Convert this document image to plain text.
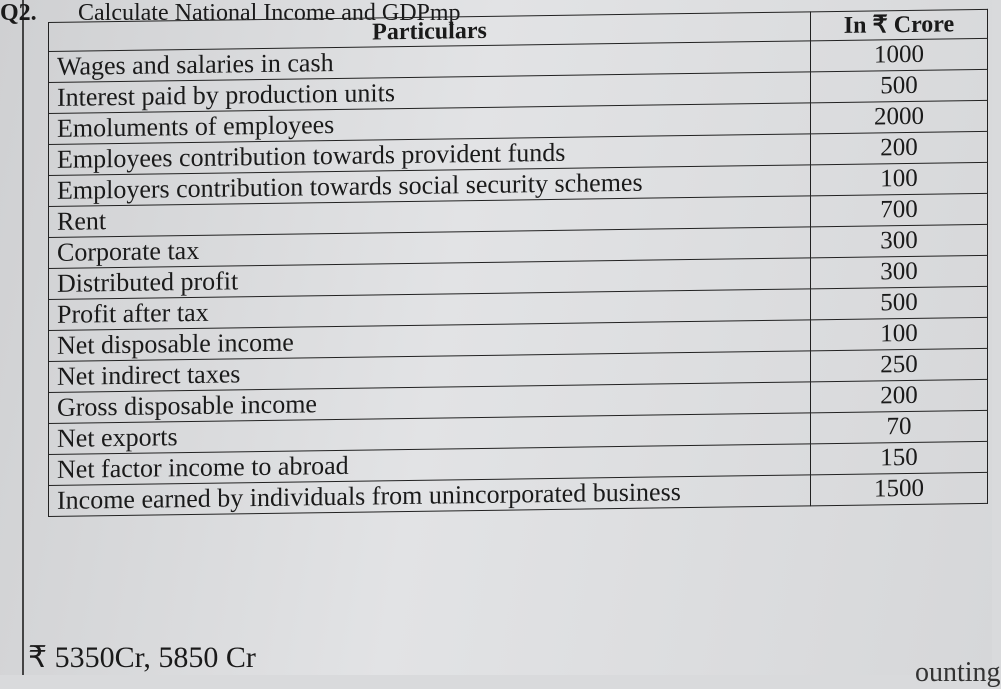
Q2. Calculate National Income and GDPmp
Particulars	In ₹ Crore
Wages and salaries in cash	1000
Interest paid by production units	500
Emoluments of employees	2000
Employees contribution towards provident funds	200
Employers contribution towards social security schemes	100
Rent	700
Corporate tax	300
Distributed profit	300
Profit after tax	500
Net disposable income	100
Net indirect taxes	250
Gross disposable income	200
Net exports	70
Net factor income to abroad	150
Income earned by individuals from unincorporated business	1500
₹ 5350Cr, 5850 Cr	ounting
